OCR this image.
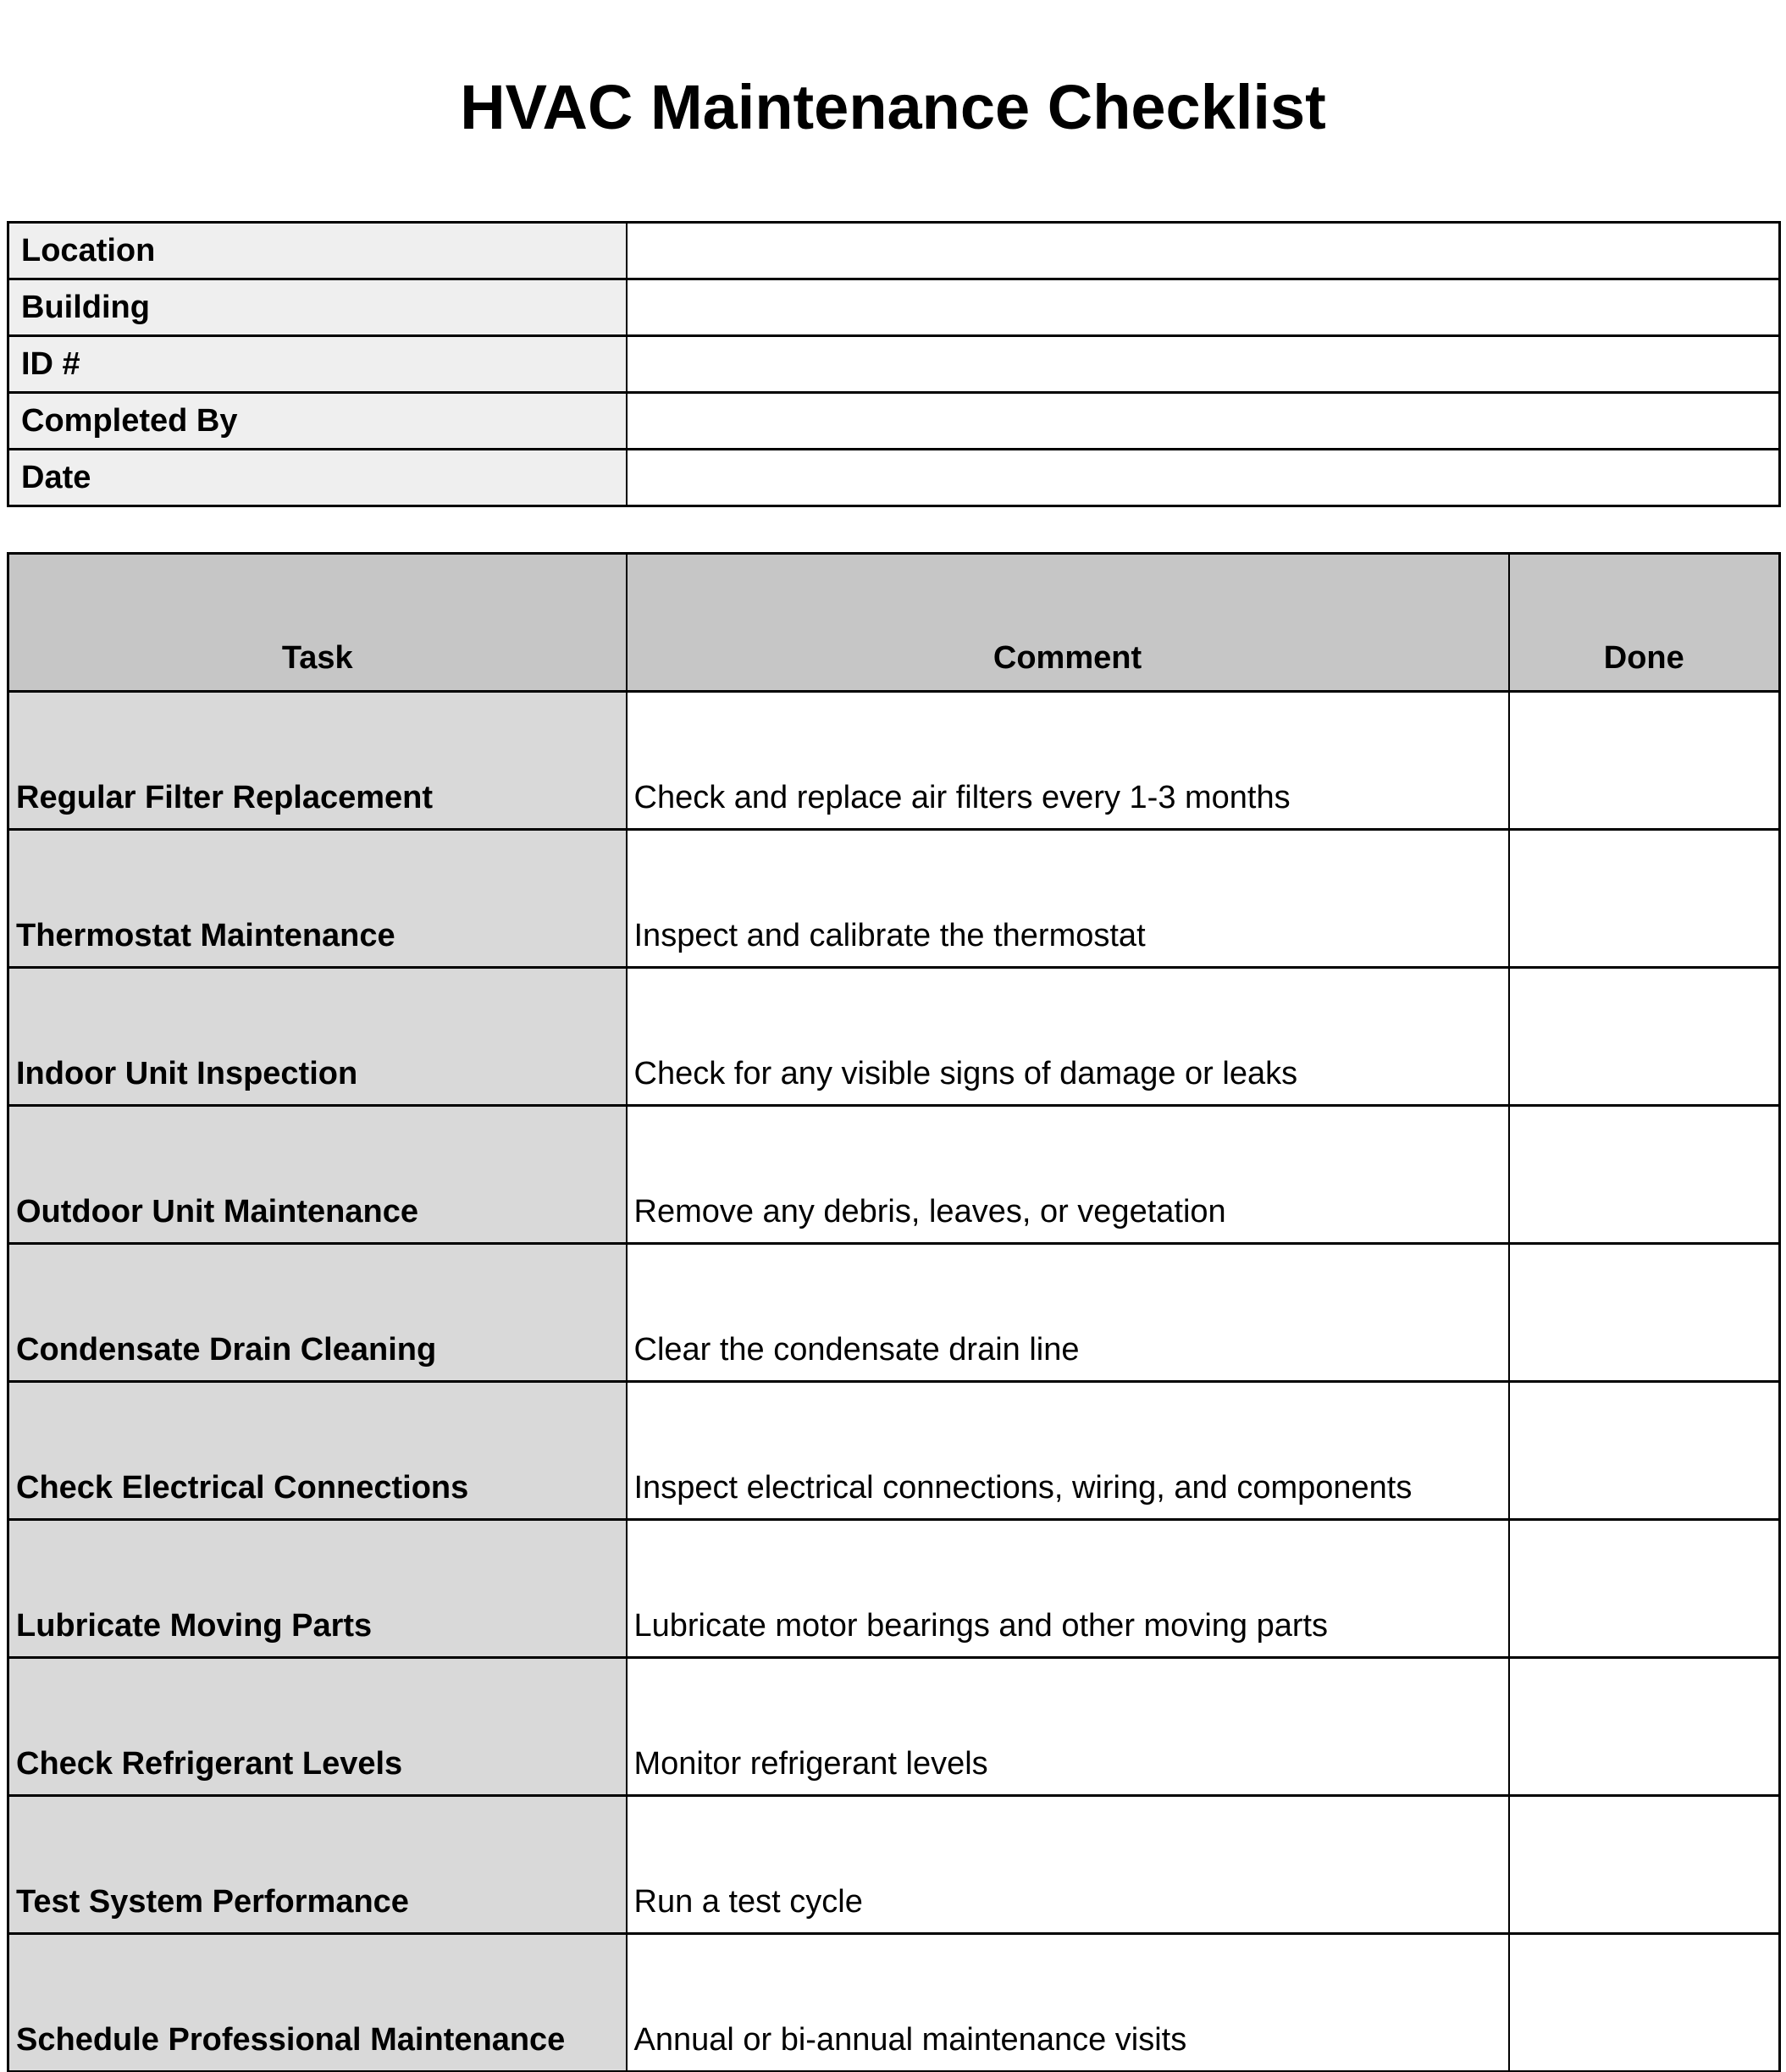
HVAC Maintenance Checklist
Location	
Building	
ID #	
Completed By	
Date	
Task	Comment	Done
Regular Filter Replacement	Check and replace air filters every 1-3 months	
Thermostat Maintenance	Inspect and calibrate the thermostat	
Indoor Unit Inspection	Check for any visible signs of damage or leaks	
Outdoor Unit Maintenance	Remove any debris, leaves, or vegetation	
Condensate Drain Cleaning	Clear the condensate drain line	
Check Electrical Connections	Inspect electrical connections, wiring, and components	
Lubricate Moving Parts	Lubricate motor bearings and other moving parts	
Check Refrigerant Levels	Monitor refrigerant levels	
Test System Performance	Run a test cycle	
Schedule Professional Maintenance	Annual or bi-annual maintenance visits	
